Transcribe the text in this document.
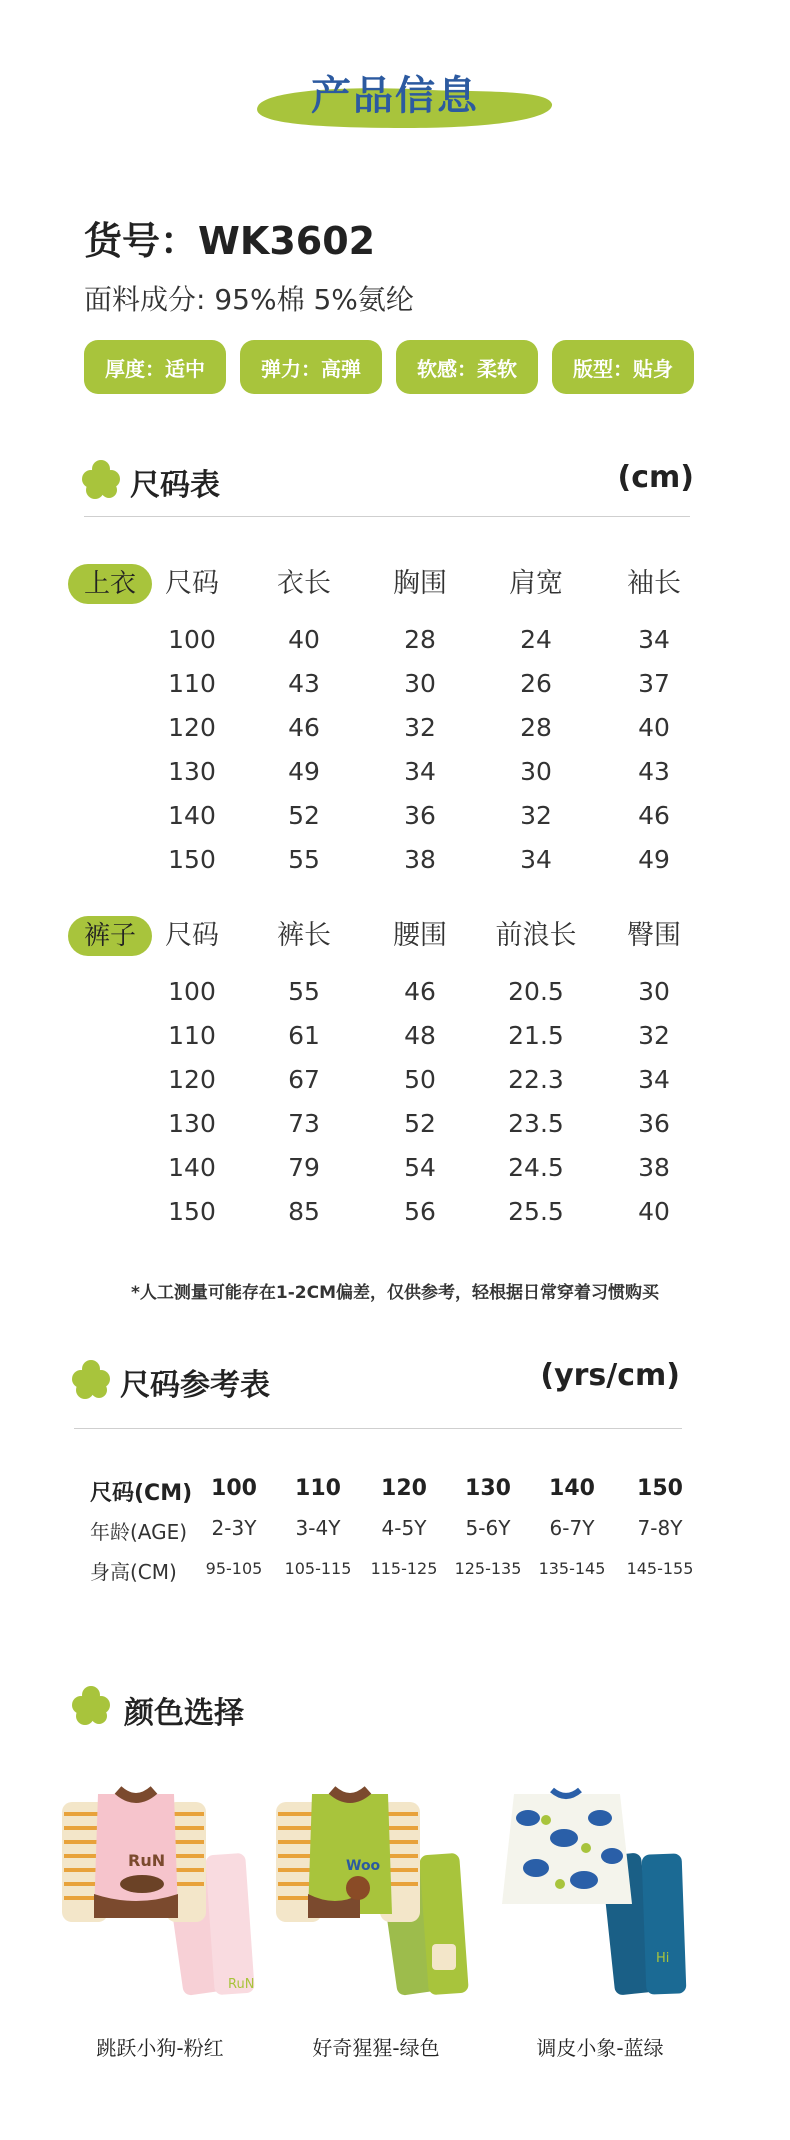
产品信息
货号：WK3602
面料成分: 95%棉 5%氨纶
厚度：适中	弹力：高弹	软感：柔软	版型：贴身
尺码表	(cm)
上衣	尺码	衣长	胸围	肩宽	袖长
100	40	28	24	34
110	43	30	26	37
120	46	32	28	40
130	49	34	30	43
140	52	36	32	46
150	55	38	34	49
裤子	尺码	裤长	腰围	前浪长	臀围
100	55	46	20.5	30
110	61	48	21.5	32
120	67	50	22.3	34
130	73	52	23.5	36
140	79	54	24.5	38
150	85	56	25.5	40
*人工测量可能存在1-2CM偏差，仅供参考，轻根据日常穿着习惯购买
尺码参考表	(yrs/cm)
尺码(CM) 100	110	120	130	140	150
年龄(AGE)	2-3Y	3-4Y	4-5Y	5-6Y	6-7Y	7-8Y
身高(CM)	95-105	105-115	115-125	125-135	135-145	145-155
颜色选择
RuN
RuN
跳跃小狗-粉红
Woo
好奇猩猩-绿色
Hi
调皮小象-蓝绿
